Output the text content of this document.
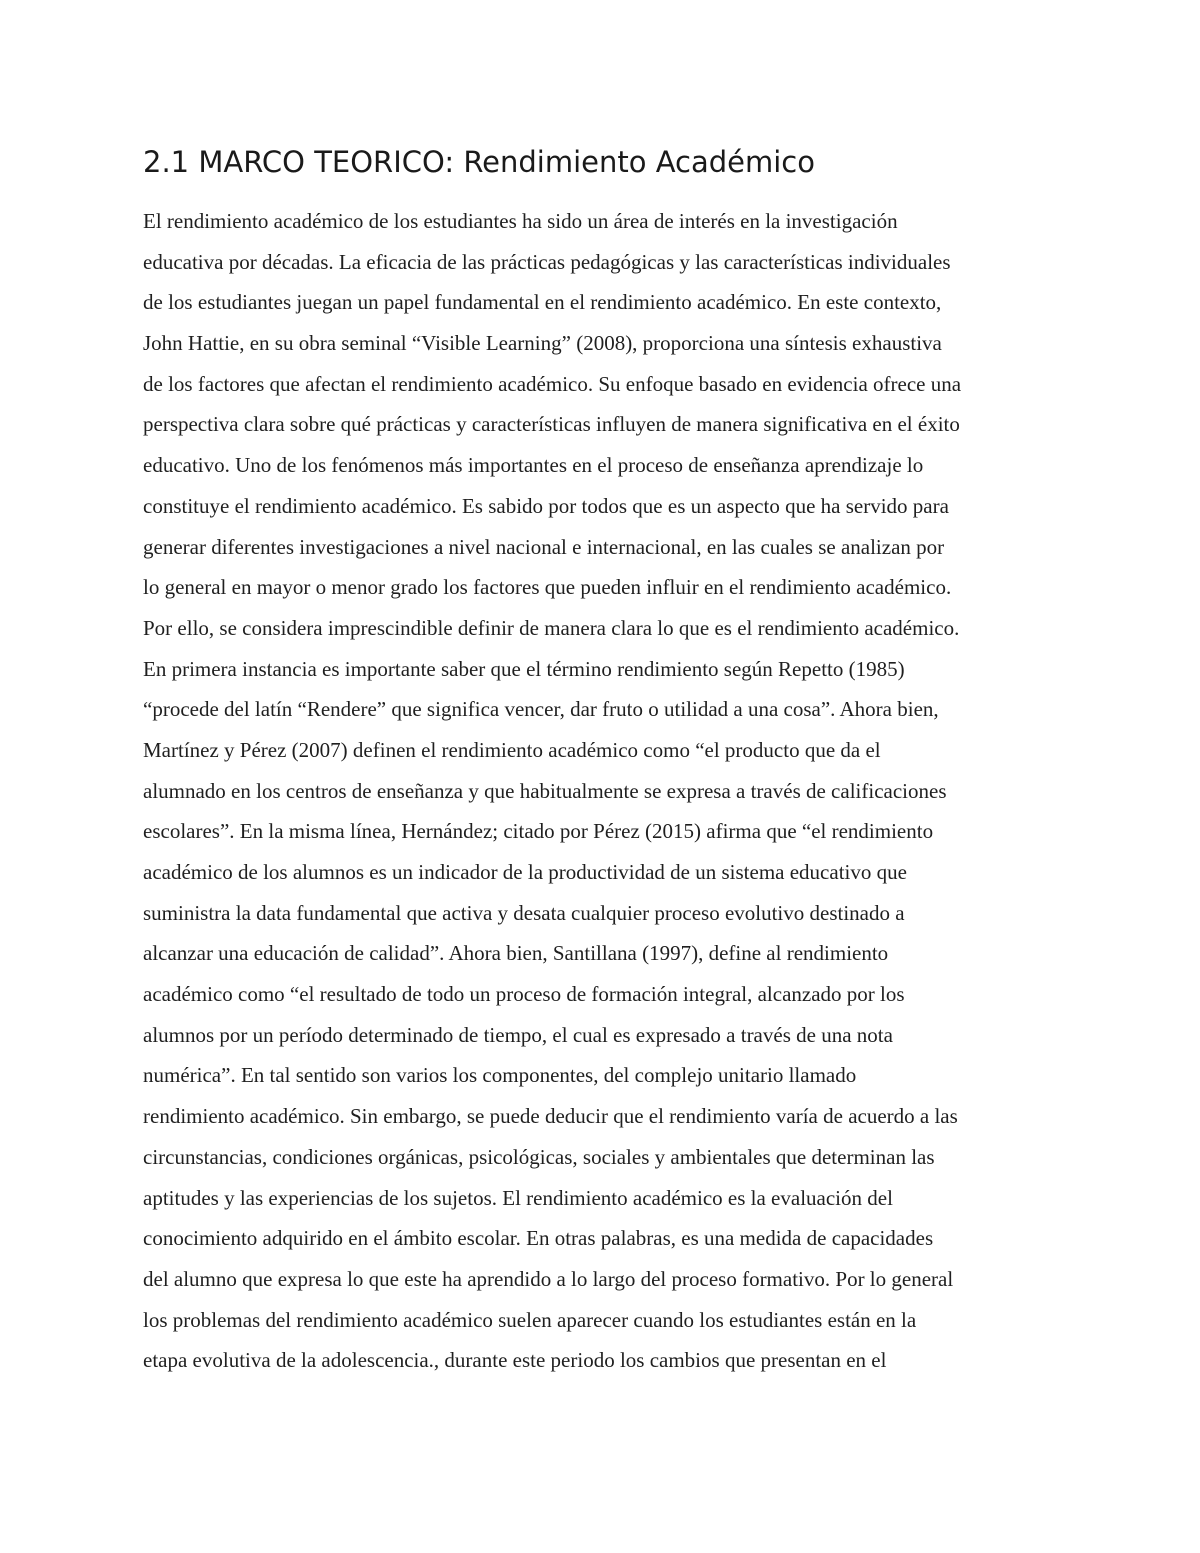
2.1 MARCO TEORICO: Rendimiento Académico
El rendimiento académico de los estudiantes ha sido un área de interés en la investigación
educativa por décadas. La eficacia de las prácticas pedagógicas y las características individuales
de los estudiantes juegan un papel fundamental en el rendimiento académico. En este contexto,
John Hattie, en su obra seminal “Visible Learning” (2008), proporciona una síntesis exhaustiva
de los factores que afectan el rendimiento académico. Su enfoque basado en evidencia ofrece una
perspectiva clara sobre qué prácticas y características influyen de manera significativa en el éxito
educativo. Uno de los fenómenos más importantes en el proceso de enseñanza aprendizaje lo
constituye el rendimiento académico. Es sabido por todos que es un aspecto que ha servido para
generar diferentes investigaciones a nivel nacional e internacional, en las cuales se analizan por
lo general en mayor o menor grado los factores que pueden influir en el rendimiento académico.
Por ello, se considera imprescindible definir de manera clara lo que es el rendimiento académico.
En primera instancia es importante saber que el término rendimiento según Repetto (1985)
“procede del latín “Rendere” que significa vencer, dar fruto o utilidad a una cosa”. Ahora bien,
Martínez y Pérez (2007) definen el rendimiento académico como “el producto que da el
alumnado en los centros de enseñanza y que habitualmente se expresa a través de calificaciones
escolares”. En la misma línea, Hernández; citado por Pérez (2015) afirma que “el rendimiento
académico de los alumnos es un indicador de la productividad de un sistema educativo que
suministra la data fundamental que activa y desata cualquier proceso evolutivo destinado a
alcanzar una educación de calidad”. Ahora bien, Santillana (1997), define al rendimiento
académico como “el resultado de todo un proceso de formación integral, alcanzado por los
alumnos por un período determinado de tiempo, el cual es expresado a través de una nota
numérica”. En tal sentido son varios los componentes, del complejo unitario llamado
rendimiento académico. Sin embargo, se puede deducir que el rendimiento varía de acuerdo a las
circunstancias, condiciones orgánicas, psicológicas, sociales y ambientales que determinan las
aptitudes y las experiencias de los sujetos. El rendimiento académico es la evaluación del
conocimiento adquirido en el ámbito escolar. En otras palabras, es una medida de capacidades
del alumno que expresa lo que este ha aprendido a lo largo del proceso formativo. Por lo general
los problemas del rendimiento académico suelen aparecer cuando los estudiantes están en la
etapa evolutiva de la adolescencia., durante este periodo los cambios que presentan en el
